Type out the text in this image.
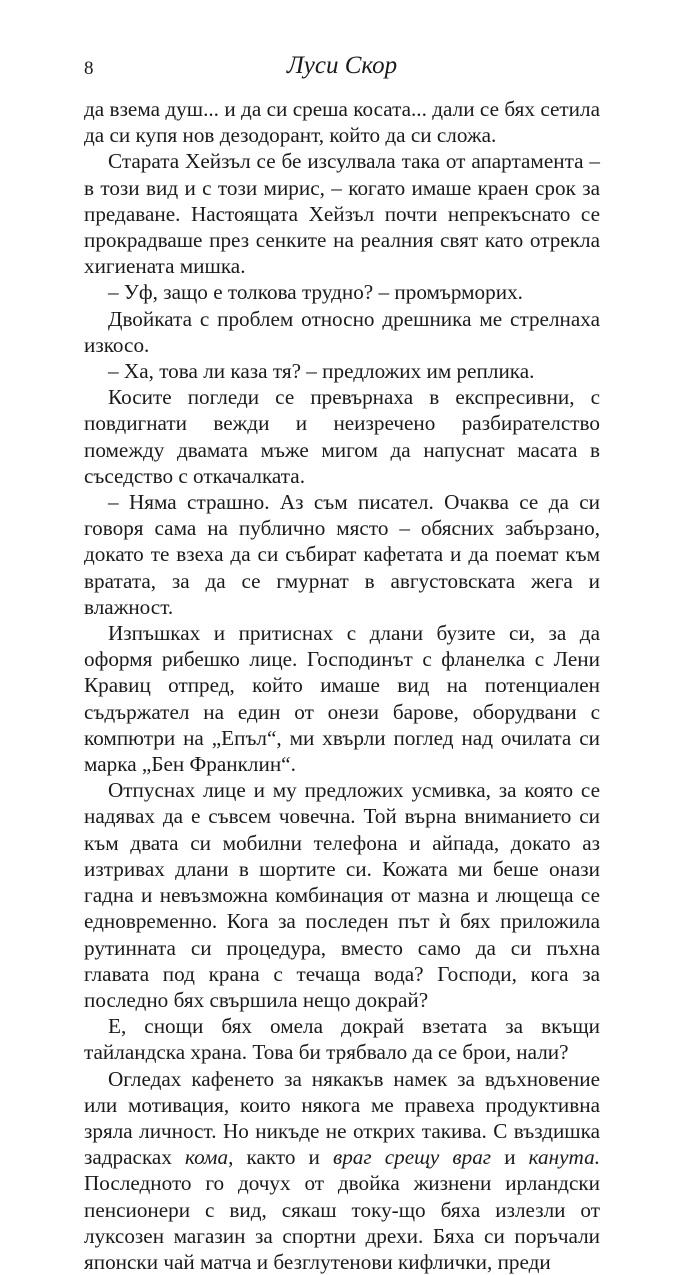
8	Луси Скор

да взема душ... и да си среша косата... дали се бях сетила да си купя нов дезодорант, който да си сложа.

Старата Хейзъл се бе изсулвала така от апартамента – в този вид и с този мирис, – когато имаше краен срок за предаване. Настоящата Хейзъл почти непрекъснато се прокрадваше през сенките на реалния свят като отрекла хигиената мишка.

– Уф, защо е толкова трудно? – промърморих.

Двойката с проблем относно дрешника ме стрелнаха изкосо.

– Ха, това ли каза тя? – предложих им реплика.

Косите погледи се превърнаха в експресивни, с повдигнати вежди и неизречено разбирателство помежду двамата мъже мигом да напуснат масата в съседство с откачалката.

– Няма страшно. Аз съм писател. Очаква се да си говоря сама на публично място – обясних забързано, докато те взеха да си събират кафетата и да поемат към вратата, за да се гмурнат в августовската жега и влажност.

Изпъшках и притиснах с длани бузите си, за да оформя рибешко лице. Господинът с фланелка с Лени Кравиц отпред, който имаше вид на потенциален съдържател на един от онези барове, оборудвани с компютри на „Епъл“, ми хвърли поглед над очилата си марка „Бен Франклин“.

Отпуснах лице и му предложих усмивка, за която се надявах да е съвсем човечна. Той върна вниманието си към двата си мобилни телефона и айпада, докато аз изтривах длани в шортите си. Кожата ми беше онази гадна и невъзможна комбинация от мазна и лющеща се едновременно. Кога за последен път ѝ бях приложила рутинната си процедура, вместо само да си пъхна главата под крана с течаща вода? Господи, кога за последно бях свършила нещо докрай?

Е, снощи бях омела докрай взетата за вкъщи тайландска храна. Това би трябвало да се брои, нали?

Огледах кафенето за някакъв намек за вдъхновение или мотивация, които някога ме правеха продуктивна зряла личност. Но никъде не открих такива. С въздишка задрасках кома, както и враг срещу враг и канута. Последното го дочух от двойка жизнени ирландски пенсионери с вид, сякаш току-що бяха излезли от луксозен магазин за спортни дрехи. Бяха си поръчали японски чай матча и безглутенови кифлички, преди
